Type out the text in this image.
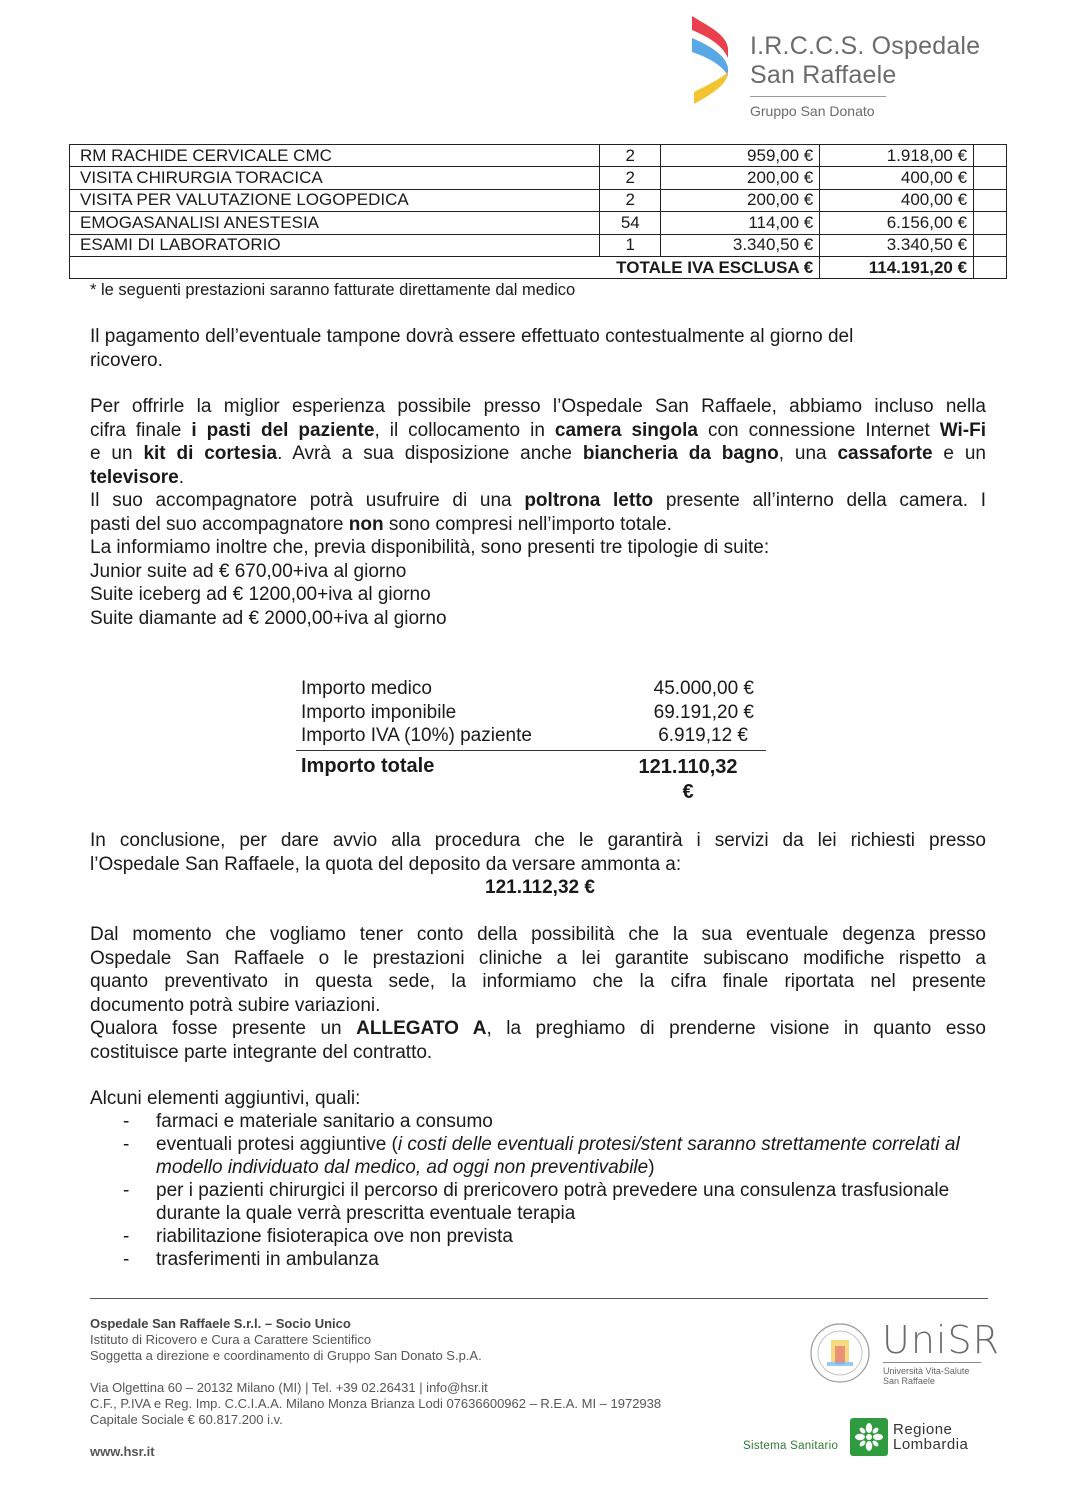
I.R.C.C.S. Ospedale
San Raffaele
Gruppo San Donato
RM RACHIDE CERVICALE CMC	2	959,00 €	1.918,00 €	
VISITA CHIRURGIA TORACICA	2	200,00 €	400,00 €	
VISITA PER VALUTAZIONE LOGOPEDICA	2	200,00 €	400,00 €	
EMOGASANALISI ANESTESIA	54	114,00 €	6.156,00 €	
ESAMI DI LABORATORIO	1	3.340,50 €	3.340,50 €	
	TOTALE IVA ESCLUSA €		114.191,20 €	
* le seguenti prestazioni saranno fatturate direttamente dal medico
Il pagamento dell’eventuale tampone dovrà essere effettuato contestualmente al giorno del
ricovero.
Per offrirle la miglior esperienza possibile presso l’Ospedale San Raffaele, abbiamo incluso nella
cifra finale i pasti del paziente, il collocamento in camera singola con connessione Internet Wi-Fi
e un kit di cortesia. Avrà a sua disposizione anche biancheria da bagno, una cassaforte e un
televisore.
Il suo accompagnatore potrà usufruire di una poltrona letto presente all’interno della camera. I
pasti del suo accompagnatore non sono compresi nell’importo totale.
La informiamo inoltre che, previa disponibilità, sono presenti tre tipologie di suite:
Junior suite ad € 670,00+iva al giorno
Suite iceberg ad € 1200,00+iva al giorno
Suite diamante ad € 2000,00+iva al giorno
Importo medico	45.000,00 €
Importo imponibile	69.191,20 €
Importo IVA (10%) paziente	6.919,12 €
Importo totale	121.110,32
€
In conclusione, per dare avvio alla procedura che le garantirà i servizi da lei richiesti presso
l’Ospedale San Raffaele, la quota del deposito da versare ammonta a:
121.112,32 €
Dal momento che vogliamo tener conto della possibilità che la sua eventuale degenza presso
Ospedale San Raffaele o le prestazioni cliniche a lei garantite subiscano modifiche rispetto a
quanto preventivato in questa sede, la informiamo che la cifra finale riportata nel presente
documento potrà subire variazioni.
Qualora fosse presente un ALLEGATO A, la preghiamo di prenderne visione in quanto esso
costituisce parte integrante del contratto.
Alcuni elementi aggiuntivi, quali:
- farmaci e materiale sanitario a consumo
- eventuali protesi aggiuntive (i costi delle eventuali protesi/stent saranno strettamente correlati al modello individuato dal medico, ad oggi non preventivabile)
- per i pazienti chirurgici il percorso di prericovero potrà prevedere una consulenza trasfusionale durante la quale verrà prescritta eventuale terapia
- riabilitazione fisioterapica ove non prevista
- trasferimenti in ambulanza
Ospedale San Raffaele S.r.l. – Socio Unico
Istituto di Ricovero e Cura a Carattere Scientifico
Soggetta a direzione e coordinamento di Gruppo San Donato S.p.A.
Via Olgettina 60 – 20132 Milano (MI) | Tel. +39 02.26431 | info@hsr.it
C.F., P.IVA e Reg. Imp. C.C.I.A.A. Milano Monza Brianza Lodi 07636600962 – R.E.A. MI – 1972938
Capitale Sociale € 60.817.200 i.v.
www.hsr.it
UniSR
Università Vita-Salute
San Raffaele
Sistema Sanitario
Regione
Lombardia
